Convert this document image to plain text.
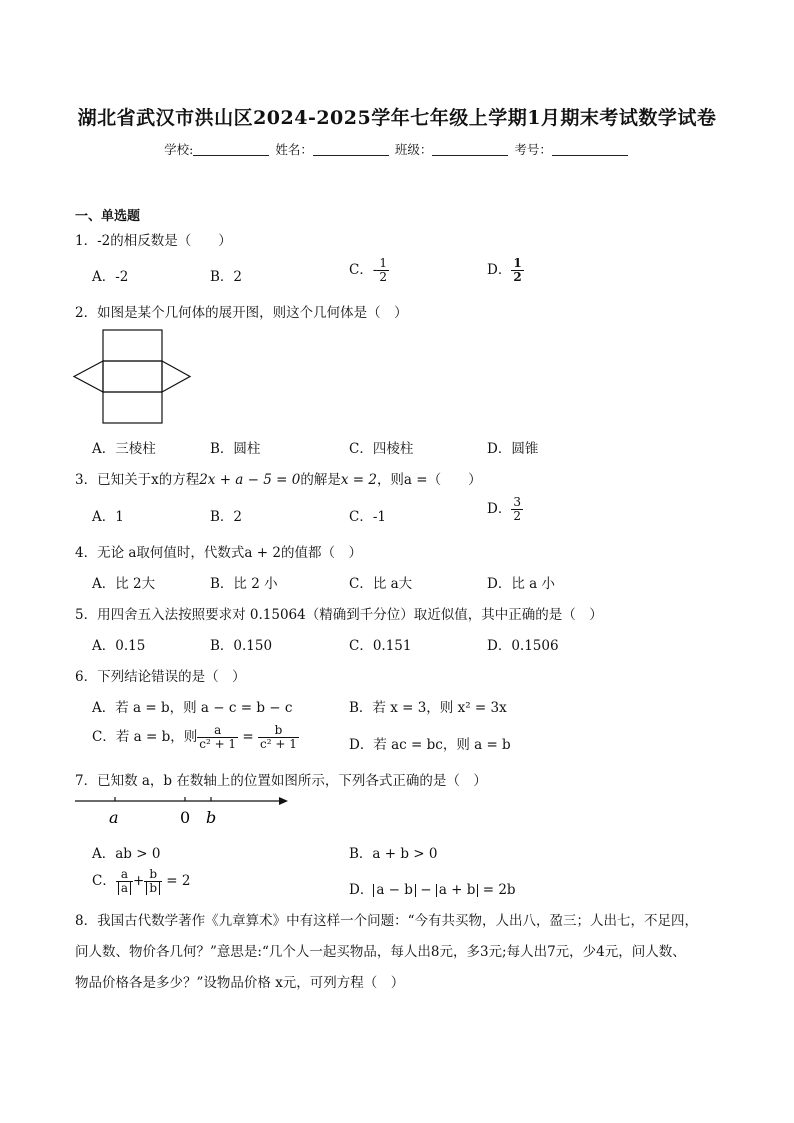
湖北省武汉市洪山区2024-2025学年七年级上学期1月期末考试数学试卷
学校:	姓名：	班级：	考号：
一、单选题
1．-2的相反数是（　　）
A．-2	B．2	C．- $\frac{1}{2}$	D． $\frac{1}{2}$
2．如图是某个几何体的展开图，则这个几何体是（　）
A．三棱柱	B．圆柱	C．四棱柱	D．圆锥
3．已知关于x的方程2x + a − 5 = 0的解是x = 2，则a =（　　）
A．1	B．2	C．-1	D． $\frac{3}{2}$
4．无论 a取何值时，代数式a + 2的值都（　）
A．比 2大	B．比 2 小	C．比 a大	D．比 a 小
5．用四舍五入法按照要求对 0.15064（精确到千分位）取近似值，其中正确的是（　）
A．0.15	B．0.150	C．0.151	D．0.1506
6．下列结论错误的是（　）
A．若 a = b，则 a − c = b − c	B．若 x = 3，则 x² = 3x
C．若 a = b，则 $\frac{a}{\text{c² + 1}} = \frac{b}{\text{c² + 1}}$	D．若 ac = bc，则 a = b
7．已知数 a，b 在数轴上的位置如图所示，下列各式正确的是（　）
a	0 b
A．ab > 0	B．a + b > 0
C． $\frac{a}{a} + \frac{b}{b} = 2$
D． a − b − a + b = 2b
8．我国古代数学著作《九章算术》中有这样一个问题：“今有共买物，人出八，盈三；人出七，不足四，
问人数、物价各几何？”意思是:“几个人一起买物品，每人出8元，多3元;每人出7元，少4元，问人数、
物品价格各是多少？”设物品价格 x元，可列方程（　）
